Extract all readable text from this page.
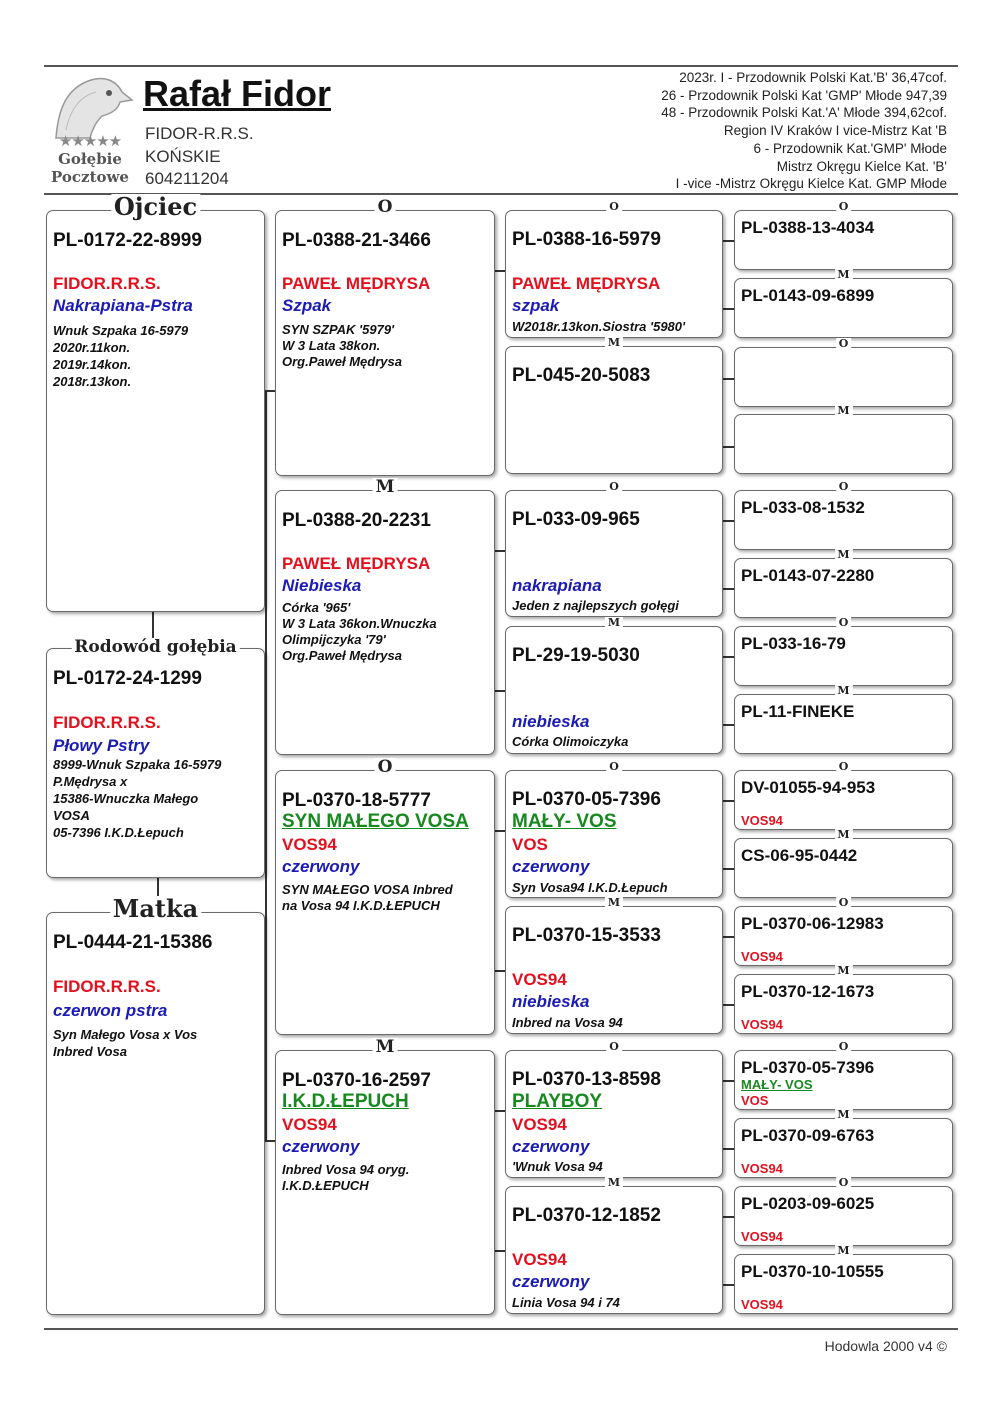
★★★★★
Gołębie
Pocztowe
Rafał Fidor
FIDOR-R.R.S.
KOŃSKIE
604211204
2023r. I - Przodownik Polski Kat.'B' 36,47cof.
26 - Przodownik Polski Kat 'GMP' Młode 947,39
48 - Przodownik Polski Kat.'A' Młode 394,62cof.
Region IV Kraków I vice-Mistrz Kat 'B
6 - Przodownik Kat.'GMP' Młode
Mistrz Okręgu Kielce Kat. 'B'
I -vice -Mistrz Okręgu Kielce Kat. GMP Młode
Ojciec
PL-0172-22-8999
FIDOR.R.R.S.
Nakrapiana-Pstra
Wnuk Szpaka 16-5979
2020r.11kon.
2019r.14kon.
2018r.13kon.
Rodowód gołębia
PL-0172-24-1299
FIDOR.R.R.S.
Płowy Pstry
8999-Wnuk Szpaka 16-5979
P.Mędrysa x
15386-Wnuczka Małego
VOSA
05-7396 I.K.D.Łepuch
Matka
PL-0444-21-15386
FIDOR.R.R.S.
czerwon pstra
Syn Małego Vosa x Vos
Inbred Vosa
O
PL-0388-21-3466
PAWEŁ MĘDRYSA
Szpak
SYN SZPAK '5979'
W 3 Lata 38kon.
Org.Paweł Mędrysa
M
PL-0388-20-2231
PAWEŁ MĘDRYSA
Niebieska
Córka '965'
W 3 Lata 36kon.Wnuczka
Olimpijczyka '79'
Org.Paweł Mędrysa
O
PL-0370-18-5777
SYN MAŁEGO VOSA
VOS94
czerwony
SYN MAŁEGO VOSA Inbred
na Vosa 94 I.K.D.ŁEPUCH
M
PL-0370-16-2597
I.K.D.ŁEPUCH
VOS94
czerwony
Inbred Vosa 94 oryg.
I.K.D.ŁEPUCH
O
PL-0388-16-5979
PAWEŁ MĘDRYSA
szpak
W2018r.13kon.Siostra '5980'
M
PL-045-20-5083
O
PL-033-09-965
nakrapiana
Jeden z najlepszych gołęgi
M
PL-29-19-5030
niebieska
Córka Olimoiczyka
O
PL-0370-05-7396
MAŁY- VOS
VOS
czerwony
Syn Vosa94 I.K.D.Łepuch
M
PL-0370-15-3533
VOS94
niebieska
Inbred na Vosa 94
O
PL-0370-13-8598
PLAYBOY
VOS94
czerwony
'Wnuk Vosa 94
M
PL-0370-12-1852
VOS94
czerwony
Linia Vosa 94 i 74
O
PL-0388-13-4034
M
PL-0143-09-6899
O
M
O
PL-033-08-1532
M
PL-0143-07-2280
O
PL-033-16-79
M
PL-11-FINEKE
O
DV-01055-94-953
VOS94
M
CS-06-95-0442
O
PL-0370-06-12983
VOS94
M
PL-0370-12-1673
VOS94
O
PL-0370-05-7396
MAŁY- VOS
VOS
M
PL-0370-09-6763
VOS94
O
PL-0203-09-6025
VOS94
M
PL-0370-10-10555
VOS94
Hodowla 2000 v4 ©
